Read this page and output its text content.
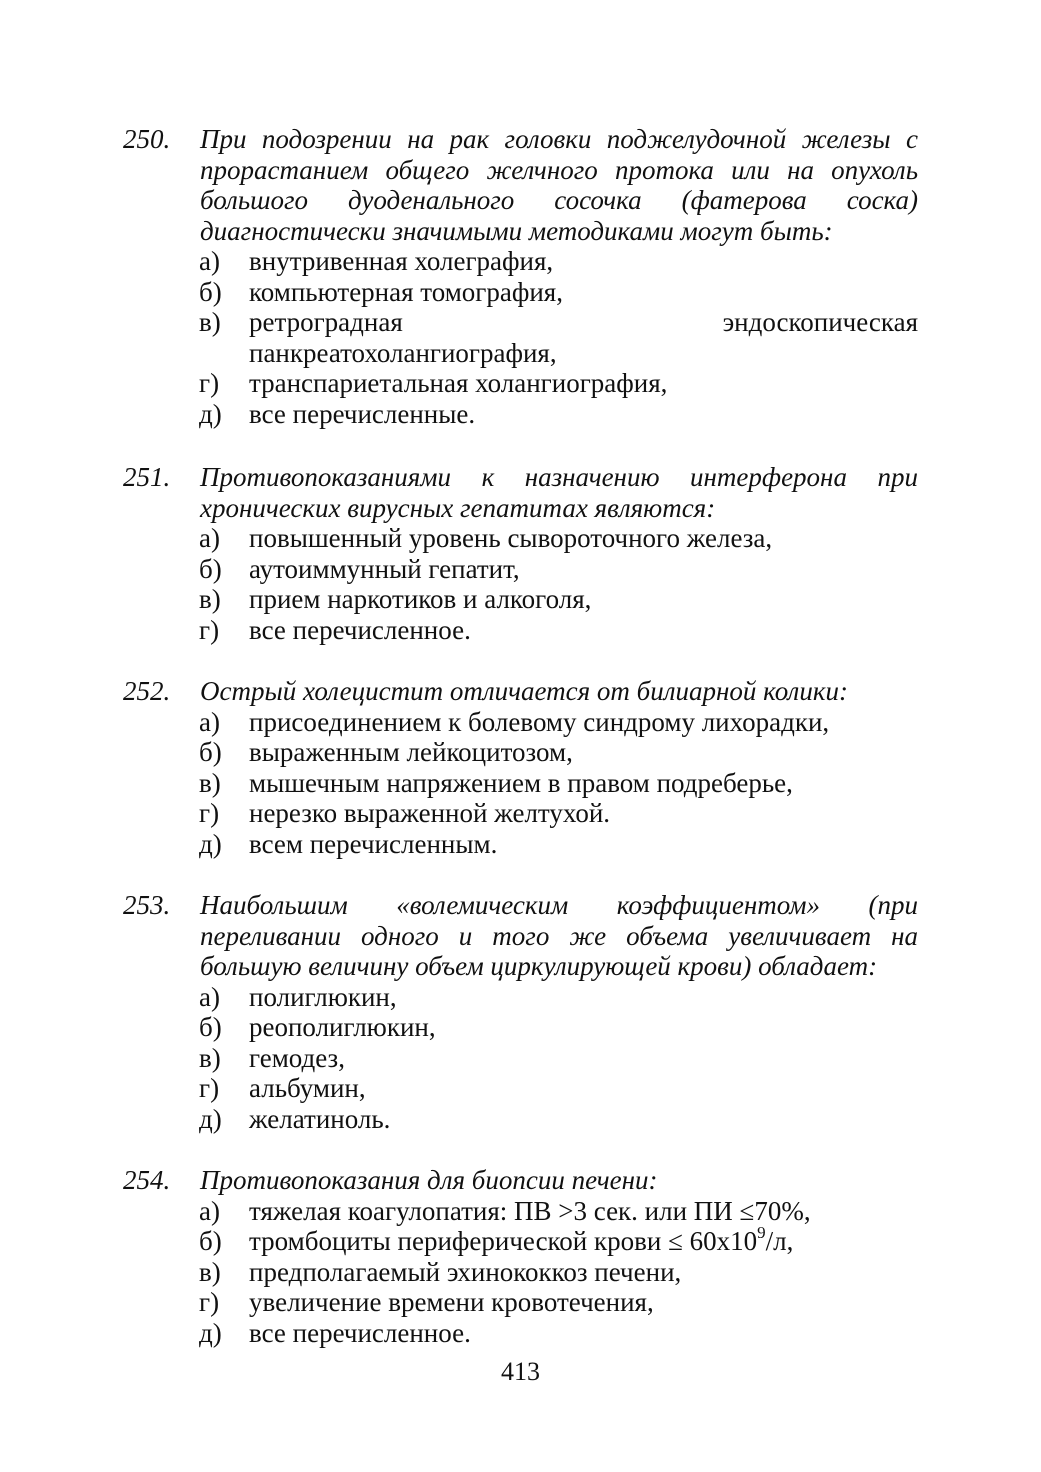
250. При подозрении на рак головки поджелудочной железы с прорастанием общего желчного протока или на опухоль большого дуоденального сосочка (фатерова соска) диагностически значимыми методиками могут быть:
а) внутривенная холеграфия,
б) компьютерная томография,
в) ретроградная эндоскопическая панкреатохолангиография,
г) транспариетальная холангиография,
д) все перечисленные.
251. Противопоказаниями к назначению интерферона при хронических вирусных гепатитах являются:
а) повышенный уровень сывороточного железа,
б) аутоиммунный гепатит,
в) прием наркотиков и алкоголя,
г) все перечисленное.
252. Острый холецистит отличается от билиарной колики:
а) присоединением к болевому синдрому лихорадки,
б) выраженным лейкоцитозом,
в) мышечным напряжением в правом подреберье,
г) нерезко выраженной желтухой.
д) всем перечисленным.
253. Наибольшим «волемическим коэффициентом» (при переливании одного и того же объема увеличивает на большую величину объем циркулирующей крови) обладает:
а) полиглюкин,
б) реополиглюкин,
в) гемодез,
г) альбумин,
д) желатиноль.
254. Противопоказания для биопсии печени:
а) тяжелая коагулопатия: ПВ >3 сек. или ПИ ≤70%,
б) тромбоциты периферической крови ≤ $60x10^9/л$,
в) предполагаемый эхинококкоз печени,
г) увеличение времени кровотечения,
д) все перечисленное.
413
